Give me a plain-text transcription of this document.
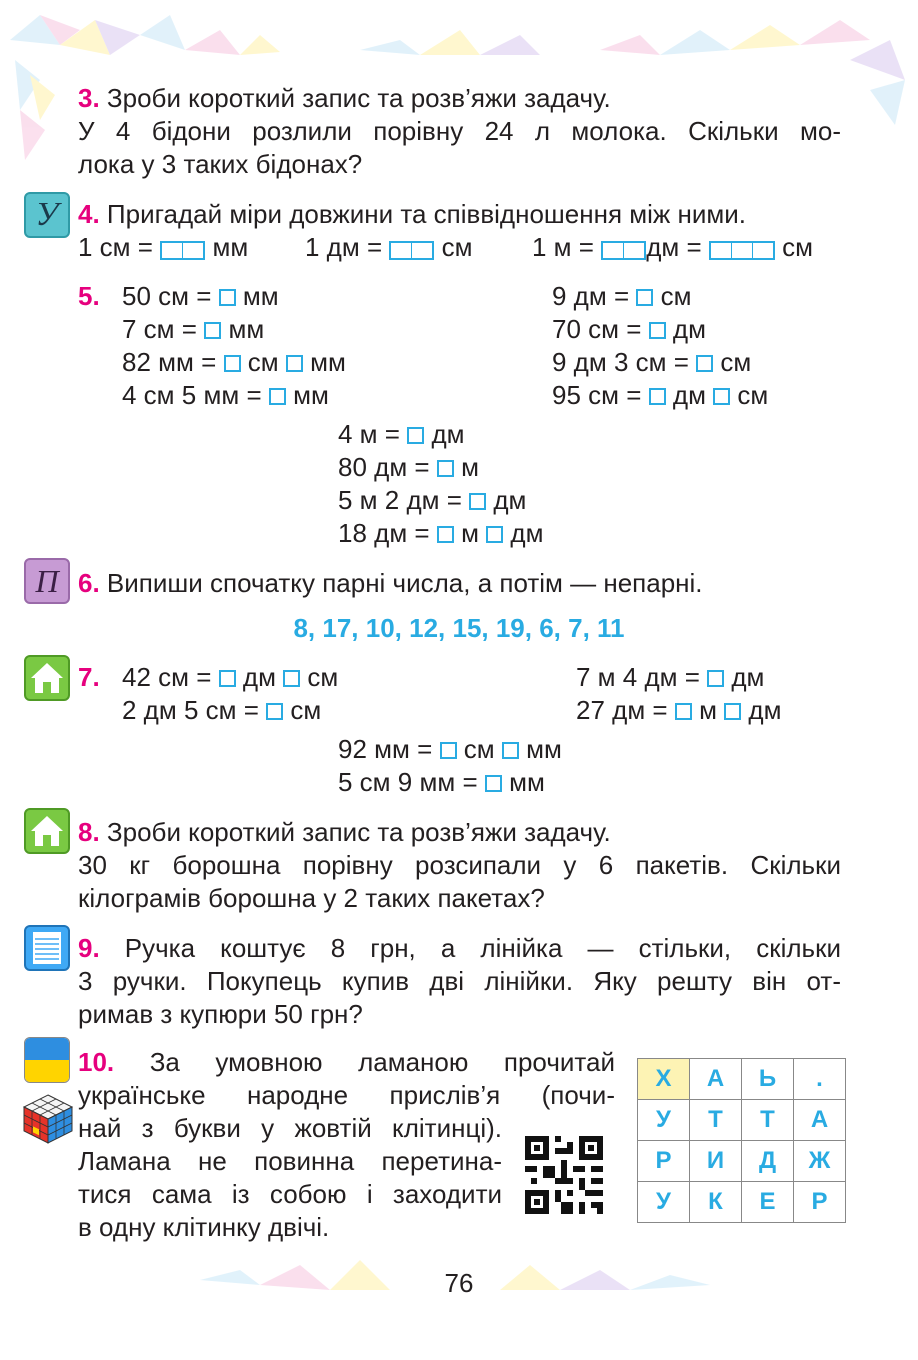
3. Зроби короткий запис та розв’яжи задачу.
У 4 бідони розлили порівну 24 л молока. Скільки мо-
лока у 3 таких бідонах?
У 4. Пригадай міри довжини та співвідношення між ними.
1 см = мм 1 дм = см 1 м = дм =	см
5. 50 см = мм
7 см = мм
82 мм = см мм
4 см 5 мм = мм
9 дм = см
70 см = дм
9 дм 3 см = см
95 см = дм см
4 м = дм
80 дм = м
5 м 2 дм = дм
18 дм = м дм
П 6. Випиши спочатку парні числа, а потім — непарні.
8, 17, 10, 12, 15, 19, 6, 7, 11
7. 42 см = дм см
2 дм 5 см = см
7 м 4 дм = дм
27 дм = м дм
92 мм = см мм
5 см 9 мм = мм
8. Зроби короткий запис та розв’яжи задачу.
30 кг борошна порівну розсипали у 6 пакетів. Скільки
кілограмів борошна у 2 таких пакетах?
9. Ручка коштує 8 грн, а лінійка — стільки, скільки
3 ручки. Покупець купив дві лінійки. Яку решту він от-
римав з купюри 50 грн?
10. За умовною ламаною прочитай
українське народне прислів’я (почи-
най з букви у жовтій клітинці).
Ламана не повинна перетина-
тися сама із собою і заходити
в одну клітинку двічі.
Х	А	Ь	.
У	Т	Т	А
Р	И	Д	Ж
У	К	Е	Р
76
